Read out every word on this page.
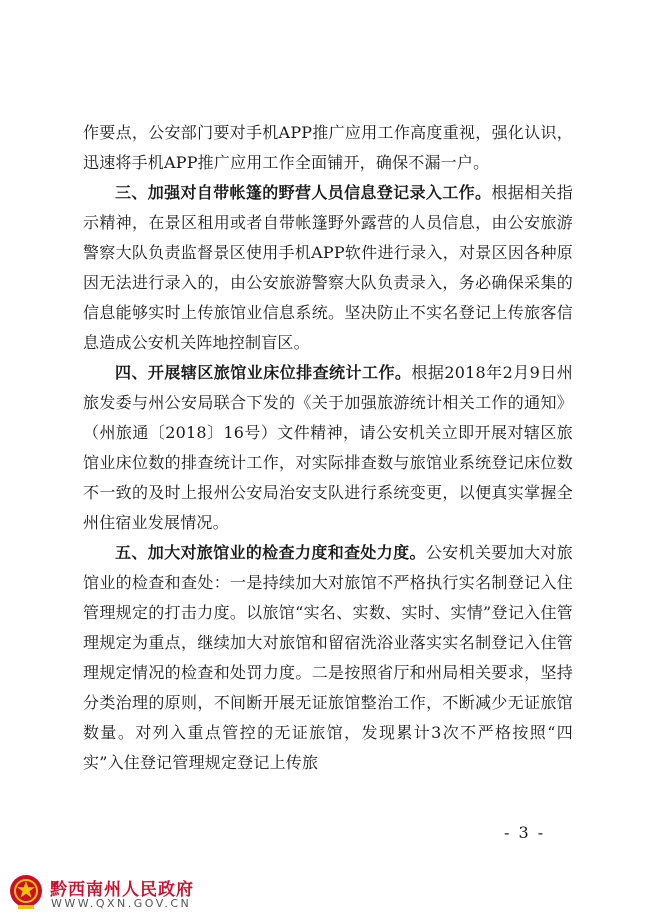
作要点，公安部门要对手机APP推广应用工作高度重视，强化认识，迅速将手机APP推广应用工作全面铺开，确保不漏一户。

三、加强对自带帐篷的野营人员信息登记录入工作。根据相关指示精神，在景区租用或者自带帐篷野外露营的人员信息，由公安旅游警察大队负责监督景区使用手机APP软件进行录入，对景区因各种原因无法进行录入的，由公安旅游警察大队负责录入，务必确保采集的信息能够实时上传旅馆业信息系统。坚决防止不实名登记上传旅客信息造成公安机关阵地控制盲区。

四、开展辖区旅馆业床位排查统计工作。根据2018年2月9日州旅发委与州公安局联合下发的《关于加强旅游统计相关工作的通知》（州旅通〔2018〕16号）文件精神，请公安机关立即开展对辖区旅馆业床位数的排查统计工作，对实际排查数与旅馆业系统登记床位数不一致的及时上报州公安局治安支队进行系统变更，以便真实掌握全州住宿业发展情况。

五、加大对旅馆业的检查力度和查处力度。公安机关要加大对旅馆业的检查和查处：一是持续加大对旅馆不严格执行实名制登记入住管理规定的打击力度。以旅馆“实名、实数、实时、实情”登记入住管理规定为重点，继续加大对旅馆和留宿洗浴业落实实名制登记入住管理规定情况的检查和处罚力度。二是按照省厅和州局相关要求，坚持分类治理的原则，不间断开展无证旅馆整治工作，不断减少无证旅馆数量。对列入重点管控的无证旅馆，发现累计3次不严格按照“四实”入住登记管理规定登记上传旅

- 3 -
黔西南州人民政府
WWW.QXN.GOV.CN
